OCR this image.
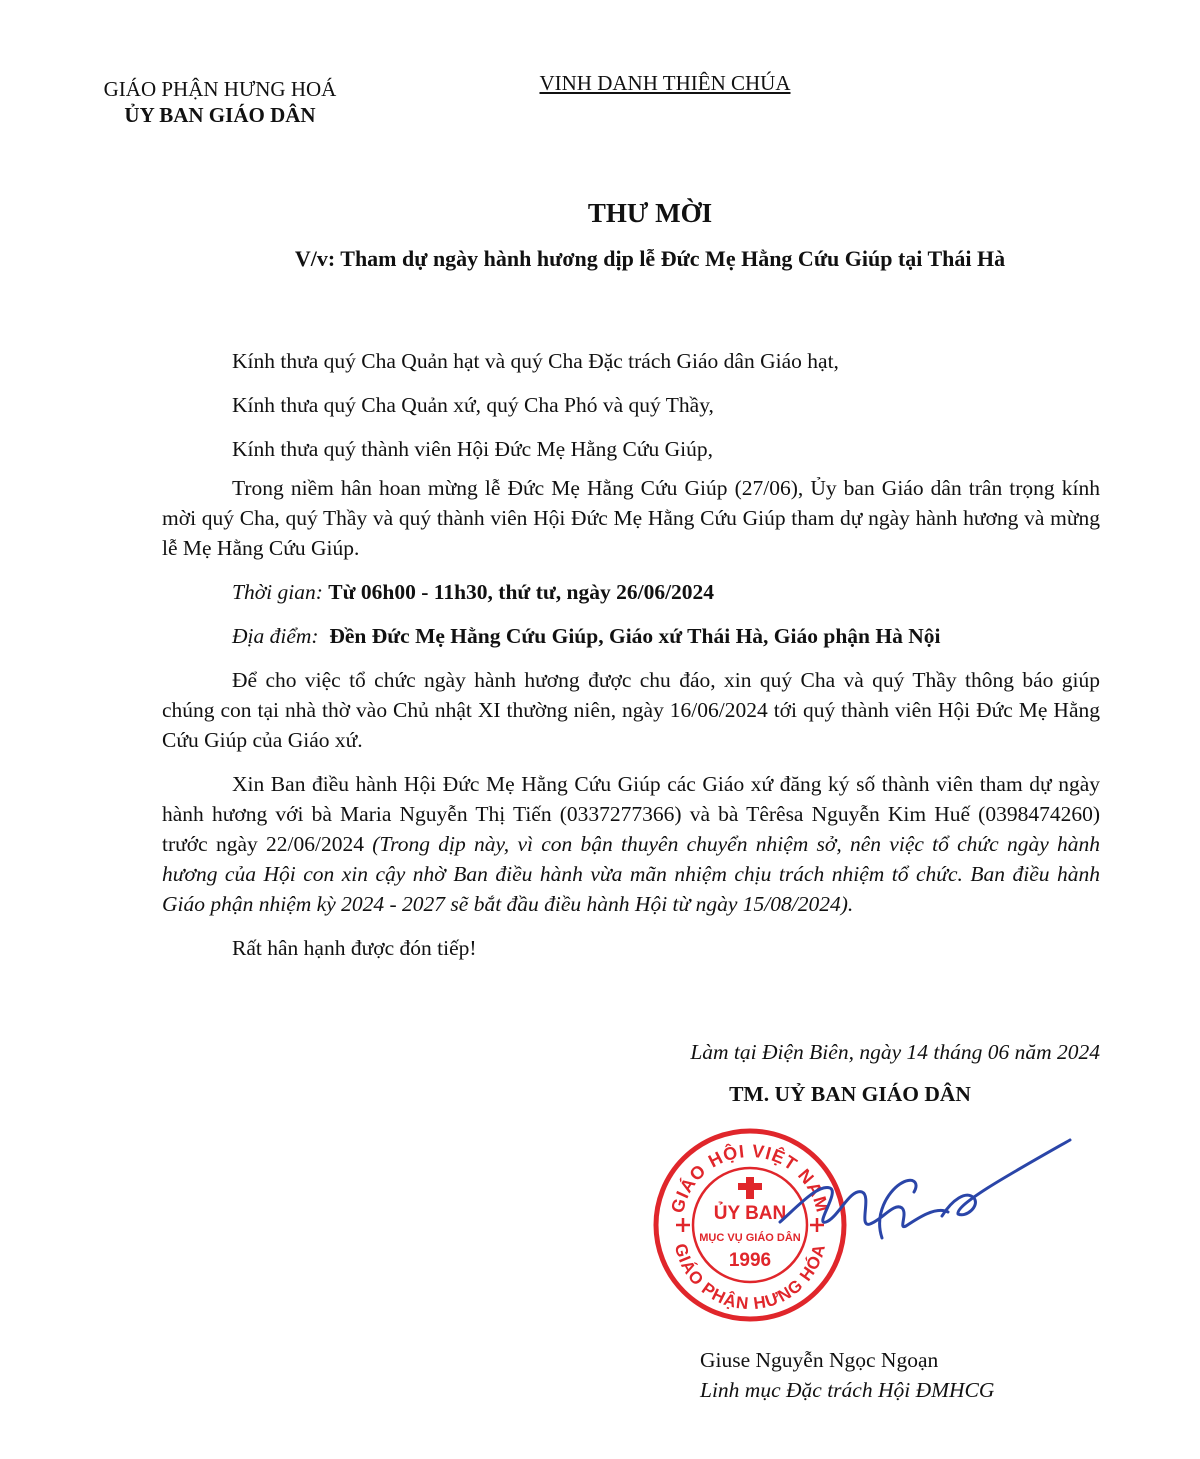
GIÁO PHẬN HƯNG HOÁ
ỦY BAN GIÁO DÂN
VINH DANH THIÊN CHÚA
THƯ MỜI
V/v: Tham dự ngày hành hương dịp lễ Đức Mẹ Hằng Cứu Giúp tại Thái Hà
Kính thưa quý Cha Quản hạt và quý Cha Đặc trách Giáo dân Giáo hạt,
Kính thưa quý Cha Quản xứ, quý Cha Phó và quý Thầy,
Kính thưa quý thành viên Hội Đức Mẹ Hằng Cứu Giúp,

Trong niềm hân hoan mừng lễ Đức Mẹ Hằng Cứu Giúp (27/06), Ủy ban Giáo dân trân trọng kính mời quý Cha, quý Thầy và quý thành viên Hội Đức Mẹ Hằng Cứu Giúp tham dự ngày hành hương và mừng lễ Mẹ Hằng Cứu Giúp.

Thời gian: Từ 06h00 - 11h30, thứ tư, ngày 26/06/2024
Địa điểm: Đền Đức Mẹ Hằng Cứu Giúp, Giáo xứ Thái Hà, Giáo phận Hà Nội

Để cho việc tổ chức ngày hành hương được chu đáo, xin quý Cha và quý Thầy thông báo giúp chúng con tại nhà thờ vào Chủ nhật XI thường niên, ngày 16/06/2024 tới quý thành viên Hội Đức Mẹ Hằng Cứu Giúp của Giáo xứ.

Xin Ban điều hành Hội Đức Mẹ Hằng Cứu Giúp các Giáo xứ đăng ký số thành viên tham dự ngày hành hương với bà Maria Nguyễn Thị Tiến (0337277366) và bà Têrêsa Nguyễn Kim Huế (0398474260) trước ngày 22/06/2024 (Trong dịp này, vì con bận thuyên chuyển nhiệm sở, nên việc tổ chức ngày hành hương của Hội con xin cậy nhờ Ban điều hành vừa mãn nhiệm chịu trách nhiệm tổ chức. Ban điều hành Giáo phận nhiệm kỳ 2024 - 2027 sẽ bắt đầu điều hành Hội từ ngày 15/08/2024).

Rất hân hạnh được đón tiếp!

Làm tại Điện Biên, ngày 14 tháng 06 năm 2024
TM. UỶ BAN GIÁO DÂN
GIÁO HỘI VIỆT NAM
GIÁO PHẬN HƯNG HÓA
ỦY BAN
MỤC VỤ GIÁO DÂN
1996
Giuse Nguyễn Ngọc Ngoạn
Linh mục Đặc trách Hội ĐMHCG
